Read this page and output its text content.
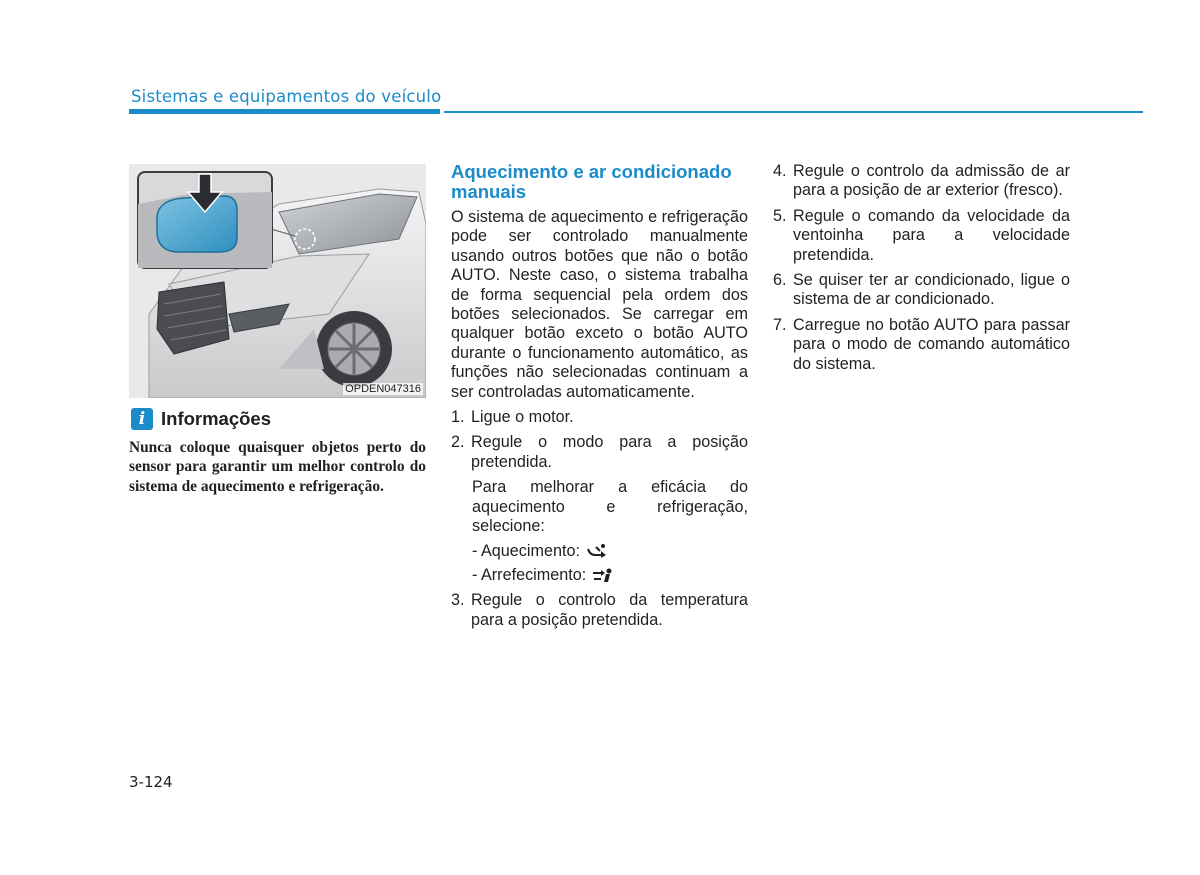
Sistemas e equipamentos do veículo
OPDEN047316
i Informações
Nunca coloque quaisquer objetos perto do sensor para garantir um melhor controlo do sistema de aquecimento e refrigeração.
Aquecimento e ar condicionado manuais

O sistema de aquecimento e refrigeração pode ser controlado manualmente usando outros botões que não o botão AUTO. Neste caso, o sistema trabalha de forma sequencial pela ordem dos botões selecionados. Se carregar em qualquer botão exceto o botão AUTO durante o funcionamento automático, as funções não selecionadas continuam a ser controladas automaticamente.

1. Ligue o motor.
2. Regule o modo para a posição pretendida.
Para melhorar a eficácia do aquecimento e refrigeração, selecione:
- Aquecimento:
- Arrefecimento:
3. Regule o controlo da temperatura para a posição pretendida.
4. Regule o controlo da admissão de ar para a posição de ar exterior (fresco).
5. Regule o comando da velocidade da ventoinha para a velocidade pretendida.
6. Se quiser ter ar condicionado, ligue o sistema de ar condicionado.
7. Carregue no botão AUTO para passar para o modo de comando automático do sistema.
3-124
